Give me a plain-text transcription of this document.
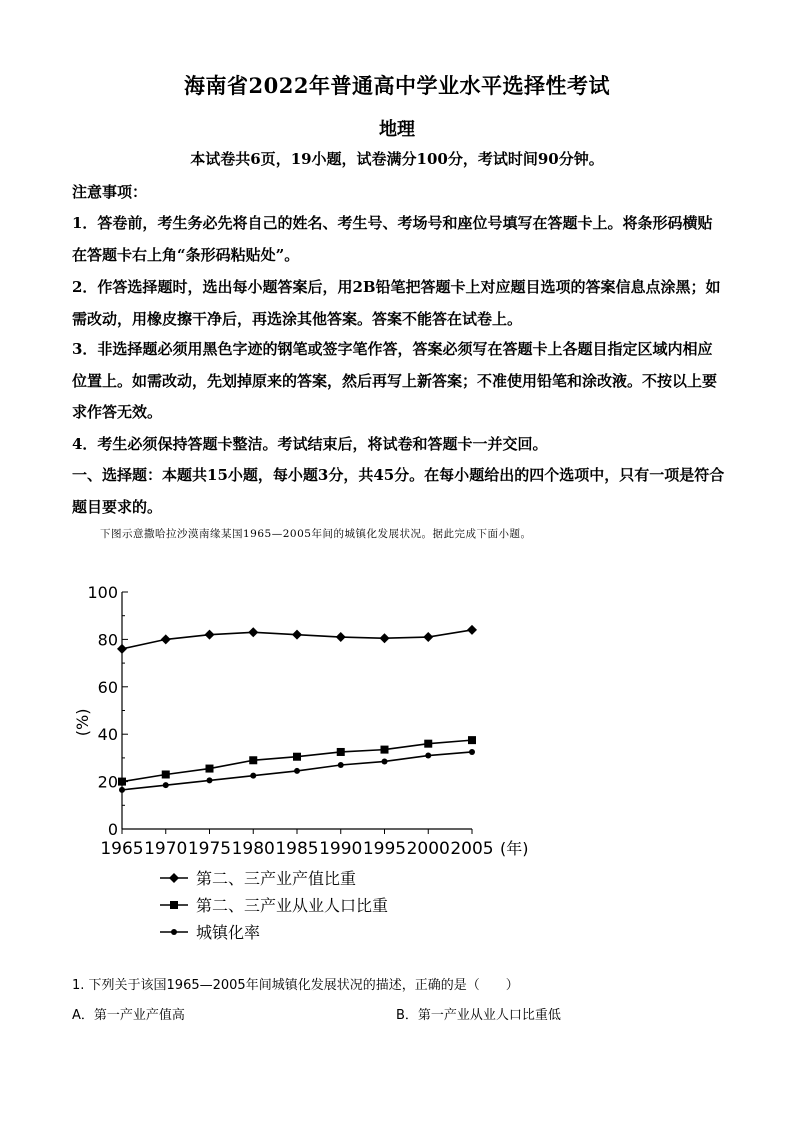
海南省2022年普通高中学业水平选择性考试
地理
本试卷共6页，19小题，试卷满分100分，考试时间90分钟。
注意事项：
1．答卷前，考生务必先将自己的姓名、考生号、考场号和座位号填写在答题卡上。将条形码横贴在答题卡右上角“条形码粘贴处”。
2．作答选择题时，选出每小题答案后，用2B铅笔把答题卡上对应题目选项的答案信息点涂黑；如需改动，用橡皮擦干净后，再选涂其他答案。答案不能答在试卷上。
3．非选择题必须用黑色字迹的钢笔或签字笔作答，答案必须写在答题卡上各题目指定区域内相应位置上。如需改动，先划掉原来的答案，然后再写上新答案；不准使用铅笔和涂改液。不按以上要求作答无效。
4．考生必须保持答题卡整洁。考试结束后，将试卷和答题卡一并交回。
一、选择题：本题共15小题，每小题3分，共45分。在每小题给出的四个选项中，只有一项是符合题目要求的。
下图示意撒哈拉沙漠南缘某国1965—2005年间的城镇化发展状况。据此完成下面小题。
0
20
40
60
80
100
1965 1970 1975 1980 1985 1990 1995 2000 2005 (年)
(%)
第二、三产业产值比重
第二、三产业从业人口比重
城镇化率
1. 下列关于该国1965—2005年间城镇化发展状况的描述，正确的是（　　）
A．第一产业产值高	B．第一产业从业人口比重低
